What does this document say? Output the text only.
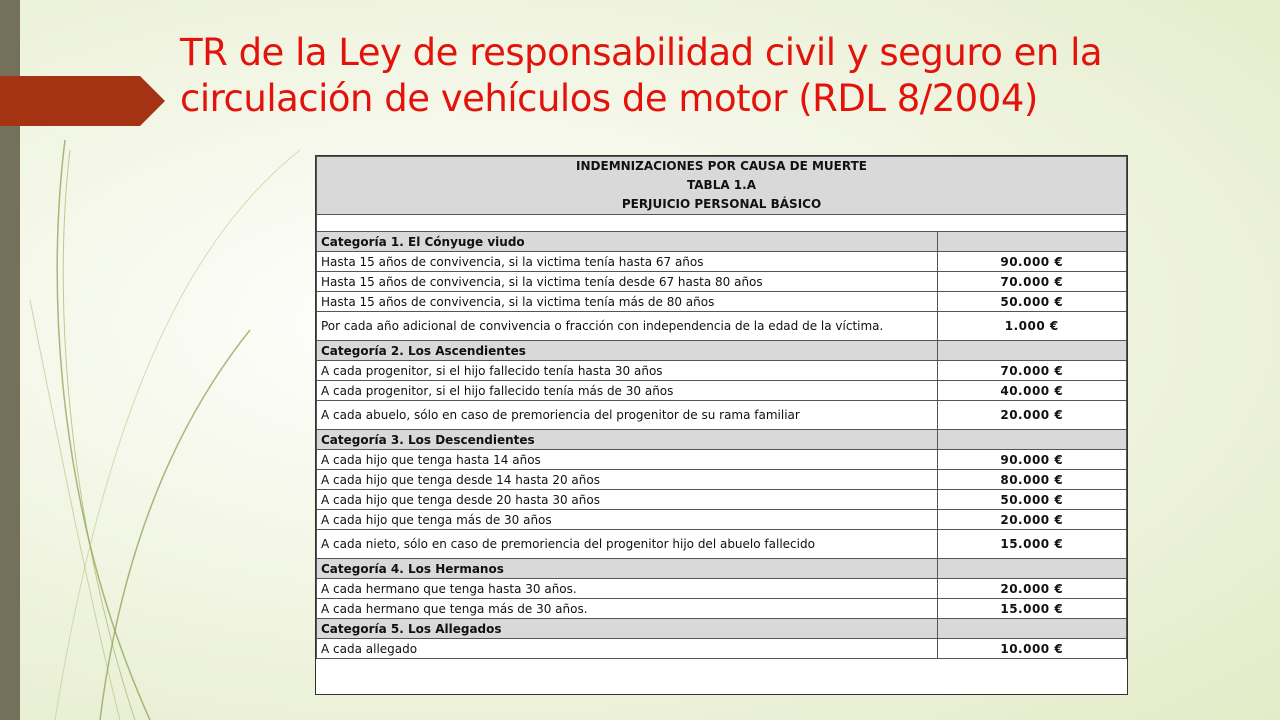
TR de la Ley de responsabilidad civil y seguro en la circulación de vehículos de motor (RDL 8/2004)
INDEMNIZACIONES POR CAUSA DE MUERTE
TABLA 1.A
PERJUICIO PERSONAL BÁSICO	

Categoría 1. El Cónyuge viudo	
Hasta 15 años de convivencia, si la victima tenía hasta 67 años	90.000 €
Hasta 15 años de convivencia, si la victima tenía desde 67 hasta 80 años	70.000 €
Hasta 15 años de convivencia, si la victima tenía más de 80 años	50.000 €
Por cada año adicional de convivencia o fracción con independencia de la edad de la víctima.	1.000 €
Categoría 2. Los Ascendientes	
A cada progenitor, si el hijo fallecido tenía hasta 30 años	70.000 €
A cada progenitor, si el hijo fallecido tenía más de 30 años	40.000 €
A cada abuelo, sólo en caso de premoriencia del progenitor de su rama familiar	20.000 €
Categoría 3. Los Descendientes	
A cada hijo que tenga hasta 14 años	90.000 €
A cada hijo que tenga desde 14 hasta 20 años	80.000 €
A cada hijo que tenga desde 20 hasta 30 años	50.000 €
A cada hijo que tenga más de 30 años	20.000 €
A cada nieto, sólo en caso de premoriencia del progenitor hijo del abuelo fallecido	15.000 €
Categoría 4. Los Hermanos	
A cada hermano que tenga hasta 30 años.	20.000 €
A cada hermano que tenga más de 30 años.	15.000 €
Categoría 5. Los Allegados	
A cada allegado	10.000 €
